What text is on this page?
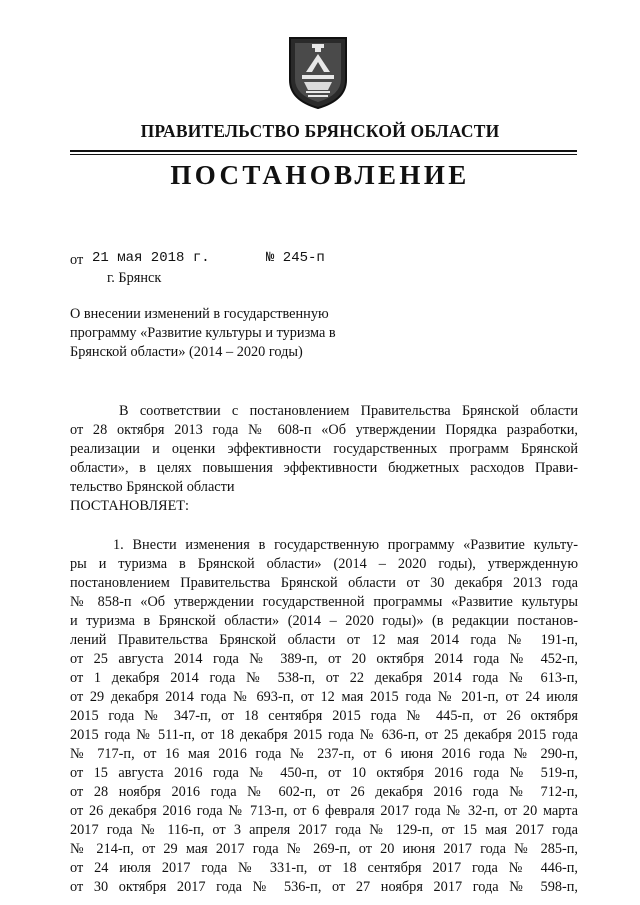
ПРАВИТЕЛЬСТВО БРЯНСКОЙ ОБЛАСТИ
ПОСТАНОВЛЕНИЕ
от 21 мая 2018 г.	№ 245-п
г. Брянск
О внесении изменений в государственную
программу «Развитие культуры и туризма в
Брянской области» (2014 – 2020 годы)
В соответствии с постановлением Правительства Брянской области
от 28 октября 2013 года № 608-п «Об утверждении Порядка разработки,
реализации и оценки эффективности государственных программ Брянской
области», в целях повышения эффективности бюджетных расходов Прави-
тельство Брянской области
ПОСТАНОВЛЯЕТ:
1. Внести изменения в государственную программу «Развитие культу-
ры и туризма в Брянской области» (2014 – 2020 годы), утвержденную
постановлением Правительства Брянской области от 30 декабря 2013 года
№ 858-п «Об утверждении государственной программы «Развитие культуры
и туризма в Брянской области» (2014 – 2020 годы)» (в редакции постанов-
лений Правительства Брянской области от 12 мая 2014 года № 191-п,
от 25 августа 2014 года № 389-п, от 20 октября 2014 года № 452-п,
от 1 декабря 2014 года № 538-п, от 22 декабря 2014 года № 613-п,
от 29 декабря 2014 года № 693-п, от 12 мая 2015 года № 201-п, от 24 июля
2015 года № 347-п, от 18 сентября 2015 года № 445-п, от 26 октября
2015 года № 511-п, от 18 декабря 2015 года № 636-п, от 25 декабря 2015 года
№ 717-п, от 16 мая 2016 года № 237-п, от 6 июня 2016 года № 290-п,
от 15 августа 2016 года № 450-п, от 10 октября 2016 года № 519-п,
от 28 ноября 2016 года № 602-п, от 26 декабря 2016 года № 712-п,
от 26 декабря 2016 года № 713-п, от 6 февраля 2017 года № 32-п, от 20 марта
2017 года № 116-п, от 3 апреля 2017 года № 129-п, от 15 мая 2017 года
№ 214-п, от 29 мая 2017 года № 269-п, от 20 июня 2017 года № 285-п,
от 24 июля 2017 года № 331-п, от 18 сентября 2017 года № 446-п,
от 30 октября 2017 года № 536-п, от 27 ноября 2017 года № 598-п,
